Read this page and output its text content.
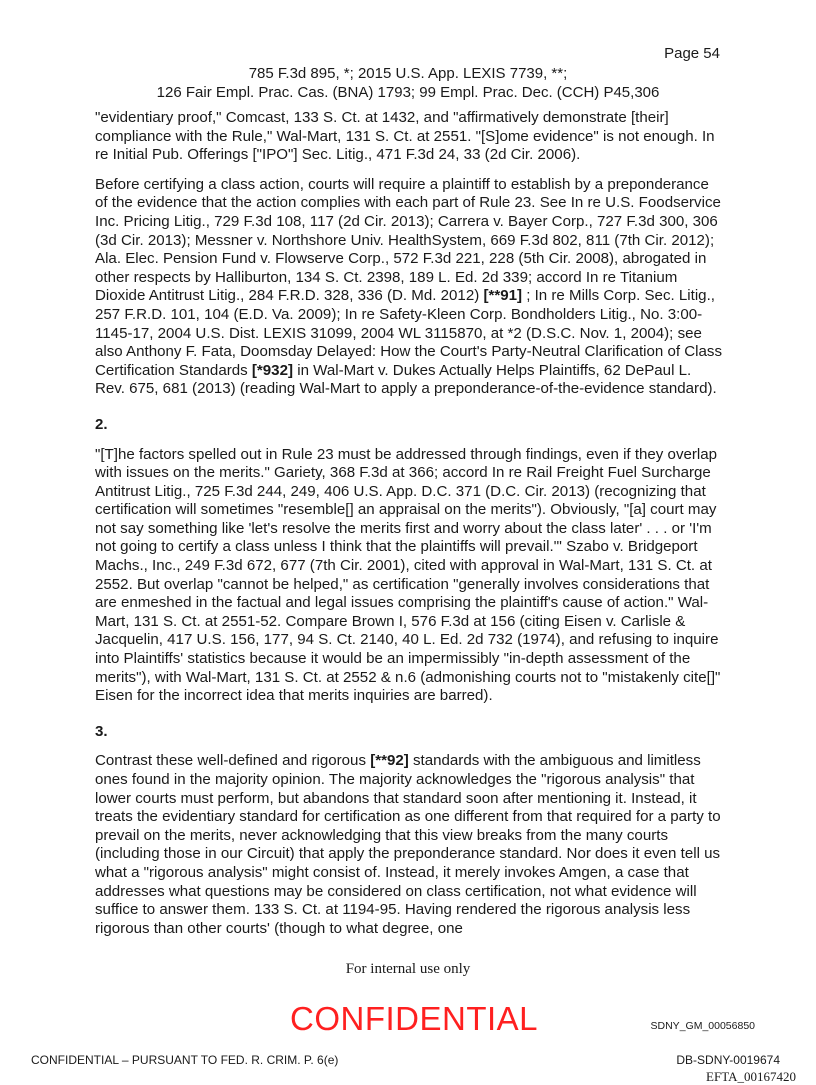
Page 54
785 F.3d 895, *; 2015 U.S. App. LEXIS 7739, **;
126 Fair Empl. Prac. Cas. (BNA) 1793; 99 Empl. Prac. Dec. (CCH) P45,306

"evidentiary proof," Comcast, 133 S. Ct. at 1432, and "affirmatively demonstrate [their] compliance with the Rule," Wal-Mart, 131 S. Ct. at 2551. "[S]ome evidence" is not enough. In re Initial Pub. Offerings ["IPO"] Sec. Litig., 471 F.3d 24, 33 (2d Cir. 2006).

Before certifying a class action, courts will require a plaintiff to establish by a preponderance of the evidence that the action complies with each part of Rule 23. See In re U.S. Foodservice Inc. Pricing Litig., 729 F.3d 108, 117 (2d Cir. 2013); Carrera v. Bayer Corp., 727 F.3d 300, 306 (3d Cir. 2013); Messner v. Northshore Univ. HealthSystem, 669 F.3d 802, 811 (7th Cir. 2012); Ala. Elec. Pension Fund v. Flowserve Corp., 572 F.3d 221, 228 (5th Cir. 2008), abrogated in other respects by Halliburton, 134 S. Ct. 2398, 189 L. Ed. 2d 339; accord In re Titanium Dioxide Antitrust Litig., 284 F.R.D. 328, 336 (D. Md. 2012) [**91] ; In re Mills Corp. Sec. Litig., 257 F.R.D. 101, 104 (E.D. Va. 2009); In re Safety-Kleen Corp. Bondholders Litig., No. 3:00-1145-17, 2004 U.S. Dist. LEXIS 31099, 2004 WL 3115870, at *2 (D.S.C. Nov. 1, 2004); see also Anthony F. Fata, Doomsday Delayed: How the Court's Party-Neutral Clarification of Class Certification Standards [*932] in Wal-Mart v. Dukes Actually Helps Plaintiffs, 62 DePaul L. Rev. 675, 681 (2013) (reading Wal-Mart to apply a preponderance-of-the-evidence standard).

2.

"[T]he factors spelled out in Rule 23 must be addressed through findings, even if they overlap with issues on the merits." Gariety, 368 F.3d at 366; accord In re Rail Freight Fuel Surcharge Antitrust Litig., 725 F.3d 244, 249, 406 U.S. App. D.C. 371 (D.C. Cir. 2013) (recognizing that certification will sometimes "resemble[] an appraisal on the merits"). Obviously, "[a] court may not say something like 'let's resolve the merits first and worry about the class later' . . . or 'I'm not going to certify a class unless I think that the plaintiffs will prevail.'" Szabo v. Bridgeport Machs., Inc., 249 F.3d 672, 677 (7th Cir. 2001), cited with approval in Wal-Mart, 131 S. Ct. at 2552. But overlap "cannot be helped," as certification "generally involves considerations that are enmeshed in the factual and legal issues comprising the plaintiff's cause of action." Wal-Mart, 131 S. Ct. at 2551-52. Compare Brown I, 576 F.3d at 156 (citing Eisen v. Carlisle & Jacquelin, 417 U.S. 156, 177, 94 S. Ct. 2140, 40 L. Ed. 2d 732 (1974), and refusing to inquire into Plaintiffs' statistics because it would be an impermissibly "in-depth assessment of the merits"), with Wal-Mart, 131 S. Ct. at 2552 & n.6 (admonishing courts not to "mistakenly cite[]" Eisen for the incorrect idea that merits inquiries are barred).

3.

Contrast these well-defined and rigorous [**92] standards with the ambiguous and limitless ones found in the majority opinion. The majority acknowledges the "rigorous analysis" that lower courts must perform, but abandons that standard soon after mentioning it. Instead, it treats the evidentiary standard for certification as one different from that required for a party to prevail on the merits, never acknowledging that this view breaks from the many courts (including those in our Circuit) that apply the preponderance standard. Nor does it even tell us what a "rigorous analysis" might consist of. Instead, it merely invokes Amgen, a case that addresses what questions may be considered on class certification, not what evidence will suffice to answer them. 133 S. Ct. at 1194-95. Having rendered the rigorous analysis less rigorous than other courts' (though to what degree, one

For internal use only
SDNY_GM_00056850
CONFIDENTIAL – PURSUANT TO FED. R. CRIM. P. 6(e)
CONFIDENTIAL
DB-SDNY-0019674
EFTA_00167420
